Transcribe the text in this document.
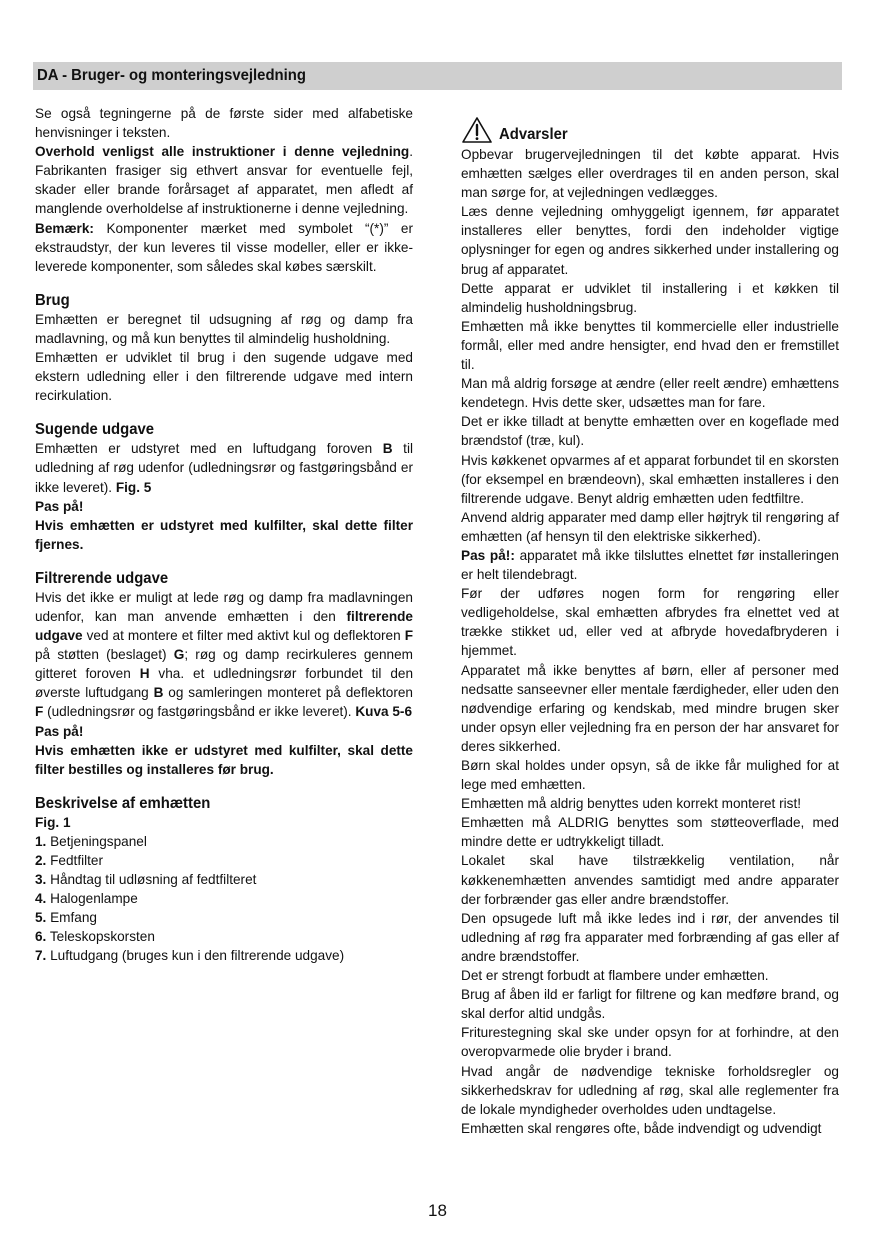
DA - Bruger- og monteringsvejledning

Se også tegningerne på de første sider med alfabetiske henvisninger i teksten.

Overhold venligst alle instruktioner i denne vejledning. Fabrikanten frasiger sig ethvert ansvar for eventuelle fejl, skader eller brande forårsaget af apparatet, men afledt af manglende overholdelse af instruktionerne i denne vejledning.

Bemærk: Komponenter mærket med symbolet “(*)” er ekstraudstyr, der kun leveres til visse modeller, eller er ikke-leverede komponenter, som således skal købes særskilt.

Brug

Emhætten er beregnet til udsugning af røg og damp fra madlavning, og må kun benyttes til almindelig husholdning.

Emhætten er udviklet til brug i den sugende udgave med ekstern udledning eller i den filtrerende udgave med intern recirkulation.

Sugende udgave

Emhætten er udstyret med en luftudgang foroven B til udledning af røg udenfor (udledningsrør og fastgøringsbånd er ikke leveret). Fig. 5

Pas på!

Hvis emhætten er udstyret med kulfilter, skal dette filter fjernes.

Filtrerende udgave

Hvis det ikke er muligt at lede røg og damp fra madlavningen udenfor, kan man anvende emhætten i den filtrerende udgave ved at montere et filter med aktivt kul og deflektoren F på støtten (beslaget) G; røg og damp recirkuleres gennem gitteret foroven H vha. et udledningsrør forbundet til den øverste luftudgang B og samleringen monteret på deflektoren F (udledningsrør og fastgøringsbånd er ikke leveret). Kuva 5-6

Pas på!

Hvis emhætten ikke er udstyret med kulfilter, skal dette filter bestilles og installeres før brug.

Beskrivelse af emhætten

Fig. 1

1. Betjeningspanel
2. Fedtfilter
3. Håndtag til udløsning af fedtfilteret
4. Halogenlampe
5. Emfang
6. Teleskopskorsten
7. Luftudgang (bruges kun i den filtrerende udgave)
Advarsler

Opbevar brugervejledningen til det købte apparat. Hvis emhætten sælges eller overdrages til en anden person, skal man sørge for, at vejledningen vedlægges.

Læs denne vejledning omhyggeligt igennem, før apparatet installeres eller benyttes, fordi den indeholder vigtige oplysninger for egen og andres sikkerhed under installering og brug af apparatet.

Dette apparat er udviklet til installering i et køkken til almindelig husholdningsbrug.

Emhætten må ikke benyttes til kommercielle eller industrielle formål, eller med andre hensigter, end hvad den er fremstillet til.

Man må aldrig forsøge at ændre (eller reelt ændre) emhættens kendetegn. Hvis dette sker, udsættes man for fare.

Det er ikke tilladt at benytte emhætten over en kogeflade med brændstof (træ, kul).

Hvis køkkenet opvarmes af et apparat forbundet til en skorsten (for eksempel en brændeovn), skal emhætten installeres i den filtrerende udgave. Benyt aldrig emhætten uden fedtfiltre.

Anvend aldrig apparater med damp eller højtryk til rengøring af emhætten (af hensyn til den elektriske sikkerhed).

Pas på!: apparatet må ikke tilsluttes elnettet før installeringen er helt tilendebragt.

Før der udføres nogen form for rengøring eller vedligeholdelse, skal emhætten afbrydes fra elnettet ved at trække stikket ud, eller ved at afbryde hovedafbryderen i hjemmet.

Apparatet må ikke benyttes af børn, eller af personer med nedsatte sanseevner eller mentale færdigheder, eller uden den nødvendige erfaring og kendskab, med mindre brugen sker under opsyn eller vejledning fra en person der har ansvaret for deres sikkerhed.

Børn skal holdes under opsyn, så de ikke får mulighed for at lege med emhætten.

Emhætten må aldrig benyttes uden korrekt monteret rist!

Emhætten må ALDRIG benyttes som støtteoverflade, med mindre dette er udtrykkeligt tilladt.

Lokalet skal have tilstrækkelig ventilation, når køkkenemhætten anvendes samtidigt med andre apparater der forbrænder gas eller andre brændstoffer.

Den opsugede luft må ikke ledes ind i rør, der anvendes til udledning af røg fra apparater med forbrænding af gas eller af andre brændstoffer.

Det er strengt forbudt at flambere under emhætten.

Brug af åben ild er farligt for filtrene og kan medføre brand, og skal derfor altid undgås.

Friturestegning skal ske under opsyn for at forhindre, at den overopvarmede olie bryder i brand.

Hvad angår de nødvendige tekniske forholdsregler og sikkerhedskrav for udledning af røg, skal alle reglementer fra de lokale myndigheder overholdes uden undtagelse.

Emhætten skal rengøres ofte, både indvendigt og udvendigt

18
